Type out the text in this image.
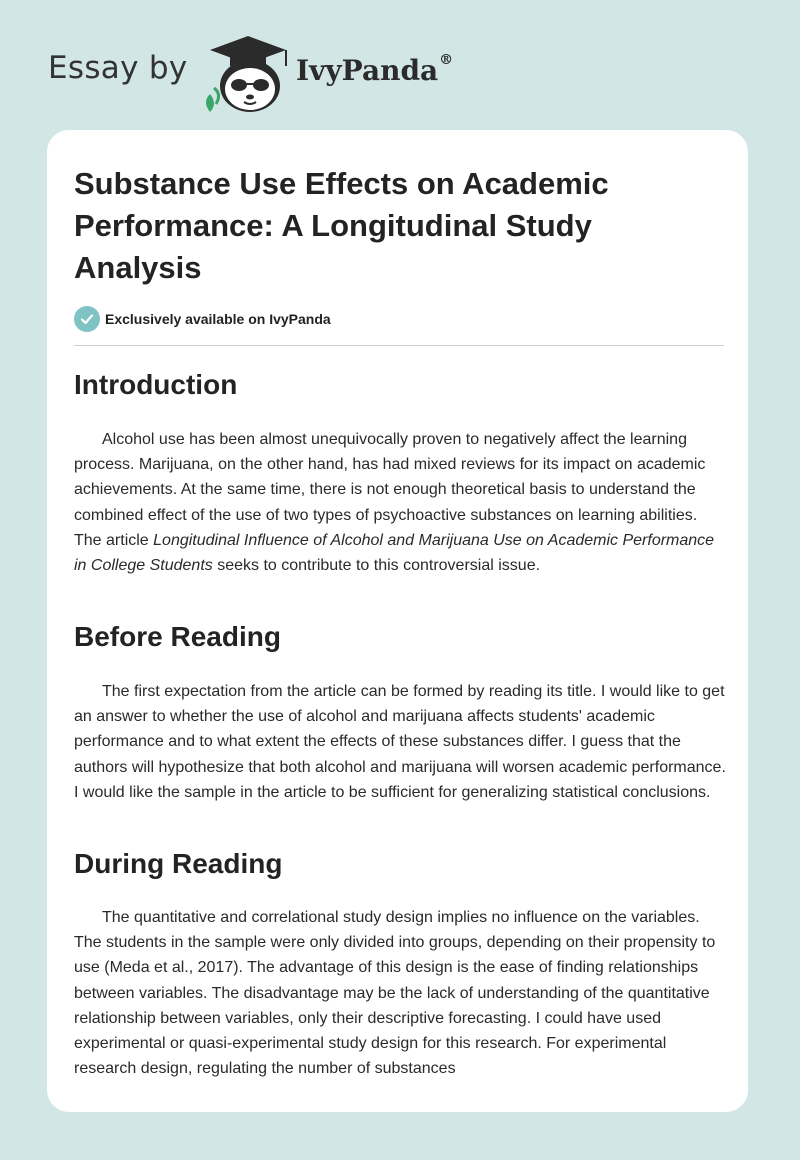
Essay by	IvyPanda®
Substance Use Effects on Academic Performance: A Longitudinal Study Analysis
Exclusively available on IvyPanda
Introduction

Alcohol use has been almost unequivocally proven to negatively affect the learning process. Marijuana, on the other hand, has had mixed reviews for its impact on academic achievements. At the same time, there is not enough theoretical basis to understand the combined effect of the use of two types of psychoactive substances on learning abilities. The article Longitudinal Influence of Alcohol and Marijuana Use on Academic Performance in College Students seeks to contribute to this controversial issue.

Before Reading

The first expectation from the article can be formed by reading its title. I would like to get an answer to whether the use of alcohol and marijuana affects students' academic performance and to what extent the effects of these substances differ. I guess that the authors will hypothesize that both alcohol and marijuana will worsen academic performance. I would like the sample in the article to be sufficient for generalizing statistical conclusions.

During Reading

The quantitative and correlational study design implies no influence on the variables. The students in the sample were only divided into groups, depending on their propensity to use (Meda et al., 2017). The advantage of this design is the ease of finding relationships between variables. The disadvantage may be the lack of understanding of the quantitative relationship between variables, only their descriptive forecasting. I could have used experimental or quasi-experimental study design for this research. For experimental research design, regulating the number of substances
